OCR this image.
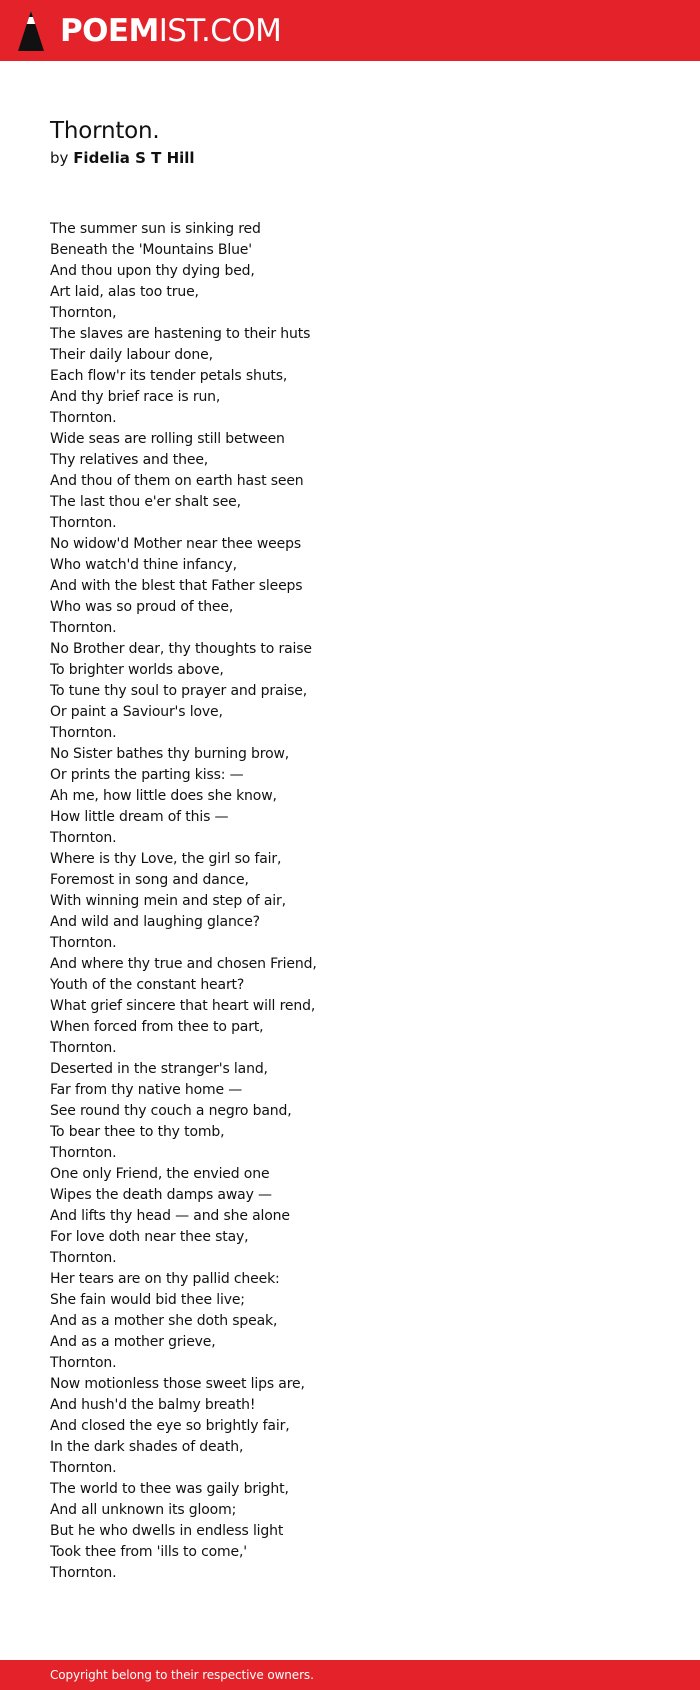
POEMIST.COM
Thornton.
by Fidelia S T Hill
The summer sun is sinking red
Beneath the 'Mountains Blue'
And thou upon thy dying bed,
Art laid, alas too true,
Thornton,
The slaves are hastening to their huts
Their daily labour done,
Each flow'r its tender petals shuts,
And thy brief race is run,
Thornton.
Wide seas are rolling still between
Thy relatives and thee,
And thou of them on earth hast seen
The last thou e'er shalt see,
Thornton.
No widow'd Mother near thee weeps
Who watch'd thine infancy,
And with the blest that Father sleeps
Who was so proud of thee,
Thornton.
No Brother dear, thy thoughts to raise
To brighter worlds above,
To tune thy soul to prayer and praise,
Or paint a Saviour's love,
Thornton.
No Sister bathes thy burning brow,
Or prints the parting kiss: —
Ah me, how little does she know,
How little dream of this —
Thornton.
Where is thy Love, the girl so fair,
Foremost in song and dance,
With winning mein and step of air,
And wild and laughing glance?
Thornton.
And where thy true and chosen Friend,
Youth of the constant heart?
What grief sincere that heart will rend,
When forced from thee to part,
Thornton.
Deserted in the stranger's land,
Far from thy native home —
See round thy couch a negro band,
To bear thee to thy tomb,
Thornton.
One only Friend, the envied one
Wipes the death damps away —
And lifts thy head — and she alone
For love doth near thee stay,
Thornton.
Her tears are on thy pallid cheek:
She fain would bid thee live;
And as a mother she doth speak,
And as a mother grieve,
Thornton.
Now motionless those sweet lips are,
And hush'd the balmy breath!
And closed the eye so brightly fair,
In the dark shades of death,
Thornton.
The world to thee was gaily bright,
And all unknown its gloom;
But he who dwells in endless light
Took thee from 'ills to come,'
Thornton.
Copyright belong to their respective owners.
